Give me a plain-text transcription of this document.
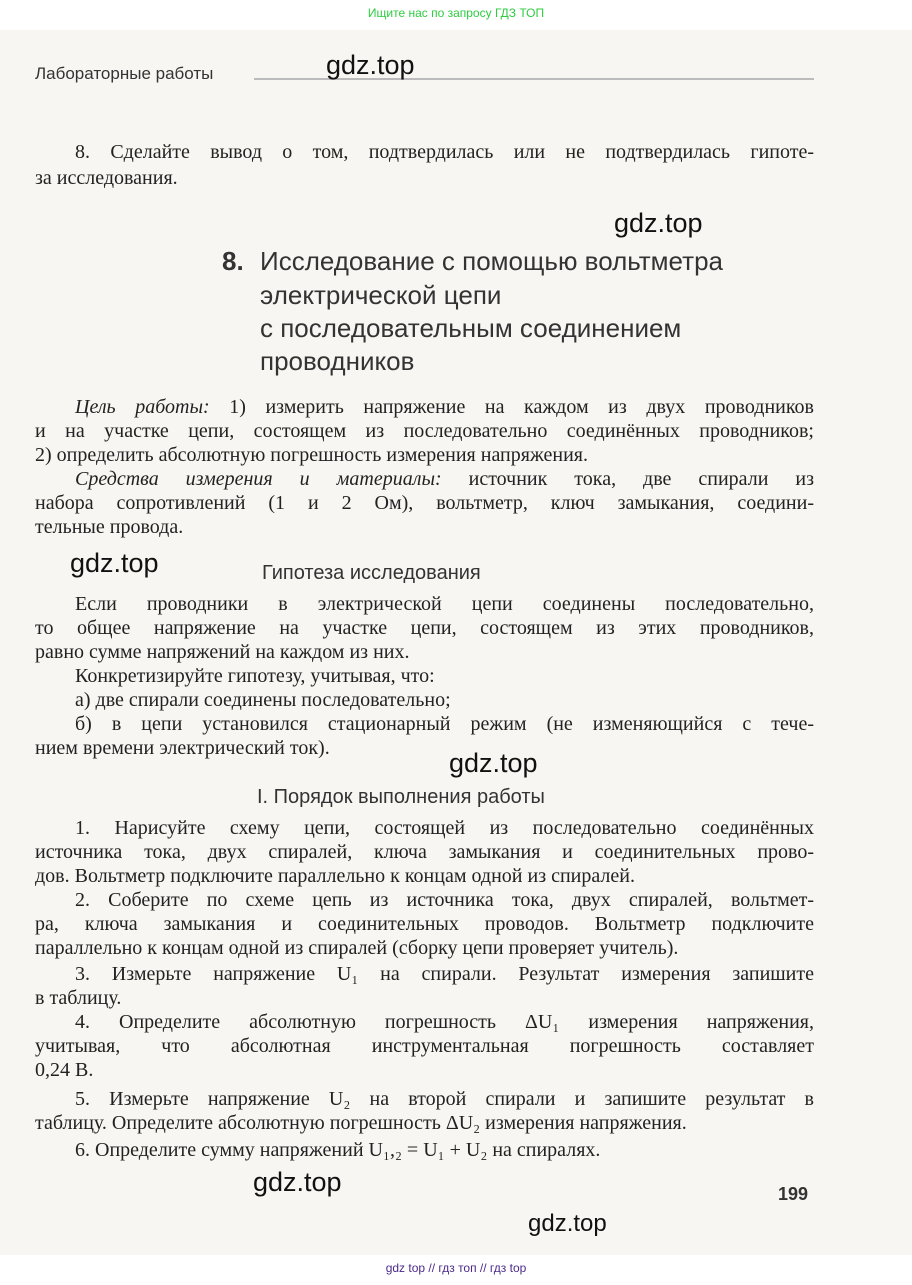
Ищите нас по запросу ГДЗ ТОП
Лабораторные работы
8. Исследование с помощью вольтметра
электрической цепи
с последовательным соединением
проводников
Гипотеза исследования
I. Порядок выполнения работы
8. Сделайте вывод о том, подтвердилась или не подтвердилась гипоте-
за исследования.
Цель работы: 1) измерить напряжение на каждом из двух проводников
и на участке цепи, состоящем из последовательно соединённых проводников;
2) определить абсолютную погрешность измерения напряжения.
Средства измерения и материалы: источник тока, две спирали из
набора сопротивлений (1 и 2 Ом), вольтметр, ключ замыкания, соедини-
тельные провода.
Если проводники в электрической цепи соединены последовательно,
то общее напряжение на участке цепи, состоящем из этих проводников,
равно сумме напряжений на каждом из них.
Конкретизируйте гипотезу, учитывая, что:
а) две спирали соединены последовательно;
б) в цепи установился стационарный режим (не изменяющийся с тече-
нием времени электрический ток).
1. Нарисуйте схему цепи, состоящей из последовательно соединённых
источника тока, двух спиралей, ключа замыкания и соединительных прово-
дов. Вольтметр подключите параллельно к концам одной из спиралей.
2. Соберите по схеме цепь из источника тока, двух спиралей, вольтмет-
ра, ключа замыкания и соединительных проводов. Вольтметр подключите
параллельно к концам одной из спиралей (сборку цепи проверяет учитель).
3. Измерьте напряжение U₁ на спирали. Результат измерения запишите
в таблицу.
4. Определите абсолютную погрешность ΔU₁ измерения напряжения,
учитывая, что абсолютная инструментальная погрешность составляет
0,24 В.
5. Измерьте напряжение U₂ на второй спирали и запишите результат в
таблицу. Определите абсолютную погрешность ΔU₂ измерения напряжения.
6. Определите сумму напряжений U₁,₂ = U₁ + U₂ на спиралях.
gdz.top
gdz.top
gdz.top
gdz.top
gdz.top
gdz.top
199
gdz top // гдз топ // гдз top
